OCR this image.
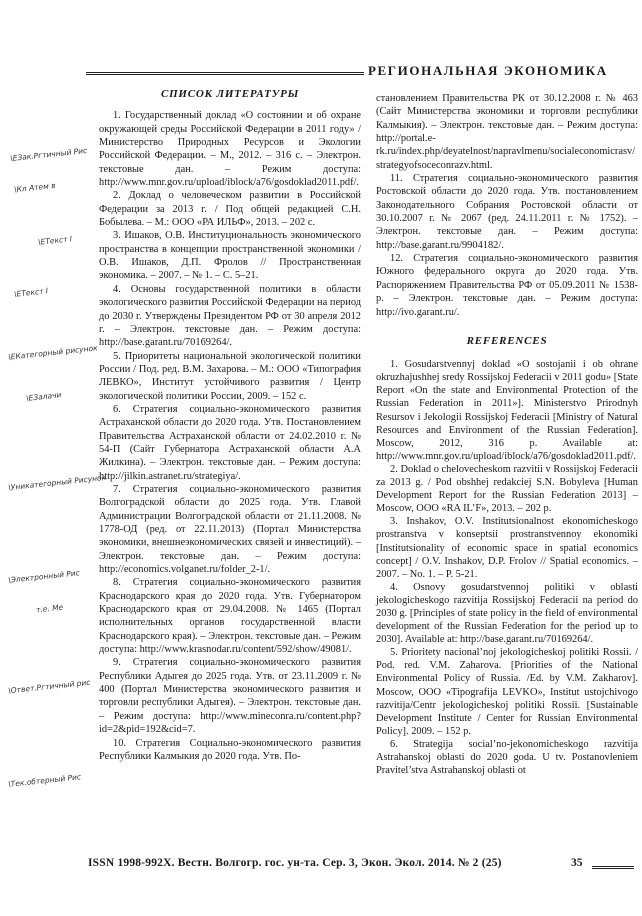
РЕГИОНАЛЬНАЯ ЭКОНОМИКА

СПИСОК ЛИТЕРАТУРЫ

1. Государственный доклад «О состоянии и об охране окружающей среды Российской Федерации в 2011 году» / Министерство Природных Ресурсов и Экологии Российской Федерации. – М., 2012. – 316 с. – Электрон. текстовые дан. – Режим доступа: http://www.mnr.gov.ru/upload/iblock/a76/gosdoklad2011.pdf/.

2. Доклад о человеческом развитии в Российской Федерации за 2013 г. / Под общей редакцией С.Н. Бобылева. – М.: ООО «РА ИЛЬФ», 2013. – 202 с.

3. Ишаков, О.В. Институциональность экономического пространства в концепции пространственной экономики / О.В. Ишаков, Д.П. Фролов // Пространственная экономика. – 2007. – № 1. – С. 5–21.

4. Основы государственной политики в области экологического развития Российской Федерации на период до 2030 г. Утверждены Президентом РФ от 30 апреля 2012 г. – Электрон. текстовые дан. – Режим доступа: http://base.garant.ru/70169264/.

5. Приоритеты национальной экологической политики России / Под. ред. В.М. Захарова. – М.: ООО «Типография ЛЕВКО», Институт устойчивого развития / Центр экологической политики России, 2009. – 152 с.

6. Стратегия социально-экономического развития Астраханской области до 2020 года. Утв. Постановлением Правительства Астраханской области от 24.02.2010 г. № 54-П (Сайт Губернатора Астраханской области А.А Жилкина). – Электрон. текстовые дан. – Режим доступа: http://jilkin.astranet.ru/strategiya/.

7. Стратегия социально-экономического развития Волгоградской области до 2025 года. Утв. Главой Администрации Волгоградской области от 21.11.2008. № 1778-ОД (ред. от 22.11.2013) (Портал Министерства экономики, внешнеэкономических связей и инвестиций). – Электрон. текстовые дан. – Режим доступа: http://economics.volganet.ru/folder_2-1/.

8. Стратегия социально-экономического развития Краснодарского края до 2020 года. Утв. Губернатором Краснодарского края от 29.04.2008. № 1465 (Портал исполнительных органов государственной власти Краснодарского края). – Электрон. текстовые дан. – Режим доступа: http://www.krasnodar.ru/content/592/show/49081/.

9. Стратегия социально-экономического развития Республики Адыгея до 2025 года. Утв. от 23.11.2009 г. № 400 (Портал Министерства экономического развития и торговли республики Адыгея). – Электрон. текстовые дан. – Режим доступа: http://www.mineconra.ru/content.php?id=2&pid=192&cid=7.

10. Стратегия Социально-экономического развития Республики Калмыкия до 2020 года. Утв. По-

становлением Правительства РК от 30.12.2008 г. № 463 (Сайт Министерства экономики и торговли республики Калмыкия). – Электрон. текстовые дан. – Режим доступа: http://portal.e-rk.ru/index.php/deyatelnost/napravlmenu/socialeconomicrasv/strategyofsoceconrazv.html.

11. Стратегия социально-экономического развития Ростовской области до 2020 года. Утв. постановлением Законодательного Собрания Ростовской области от 30.10.2007 г. № 2067 (ред. 24.11.2011 г. № 1752). – Электрон. текстовые дан. – Режим доступа: http://base.garant.ru/9904182/.

12. Стратегия социально-экономического развития Южного федерального округа до 2020 года. Утв. Распоряжением Правительства РФ от 05.09.2011 № 1538-р. – Электрон. текстовые дан. – Режим доступа: http://ivo.garant.ru/.

REFERENCES

1. Gosudarstvennyj doklad «O sostojanii i ob ohrane okruzhajushhej sredy Rossijskoj Federacii v 2011 godu» [State Report «On the state and Environmental Protection of the Russian Federation in 2011»]. Ministerstvo Prirodnyh Resursov i Jekologii Rossijskoj Federacii [Ministry of Natural Resources and Environment of the Russian Federation]. Moscow, 2012, 316 p. Available at: http://www.mnr.gov.ru/upload/iblock/a76/gosdoklad2011.pdf/.

2. Doklad o chelovecheskom razvitii v Rossijskoj Federacii za 2013 g. / Pod obshhej redakciej S.N. Bobyleva [Human Development Report for the Russian Federation 2013] – Moscow, OOO «RA IL’F», 2013. – 202 p.

3. Inshakov, O.V. Institutsionalnost ekonomicheskogo prostranstva v konseptsii prostranstvennoy ekonomiki [Institutsionality of economic space in spatial economics concept] / O.V. Inshakov, D.P. Frolov // Spatial economics. – 2007. – No. 1. – P. 5-21.

4. Osnovy gosudarstvennoj politiki v oblasti jekologicheskogo razvitija Rossijskoj Federacii na period do 2030 g. [Principles of state policy in the field of environmental development of the Russian Federation for the period up to 2030]. Available at: http://base.garant.ru/70169264/.

5. Prioritety nacional’noj jekologicheskoj politiki Rossii. / Pod. red. V.M. Zaharova. [Priorities of the National Environmental Policy of Russia. /Ed. by V.M. Zakharov]. Moscow, OOO «Tipografija LEVKO», Institut ustojchivogo razvitija/Centr jekologicheskoj politiki Rossii. [Sustainable Development Institute / Center for Russian Environmental Policy]. 2009. – 152 p.

6. Strategija social’no-jekonomicheskogo razvitija Astrahanskoj oblasti do 2020 goda. U tv. Postanovleniem Pravitel’stva Astrahanskoj oblasti ot

\ЕЗак.Ргтичный Рис
\Кл Атем в
\ЕТекст I
\ЕТекст I
\ЕКатегорный рисунок
\ЕЗалачи
\Уникатегорный Рисунок
\Электронный Рис
т.е. Ме
\Ответ.Ргтичный рис
\Тек.обтерный Рис
ISSN 1998-992X. Вестн. Волгогр. гос. ун-та. Сер. 3, Экон. Экол. 2014. № 2 (25)	35
